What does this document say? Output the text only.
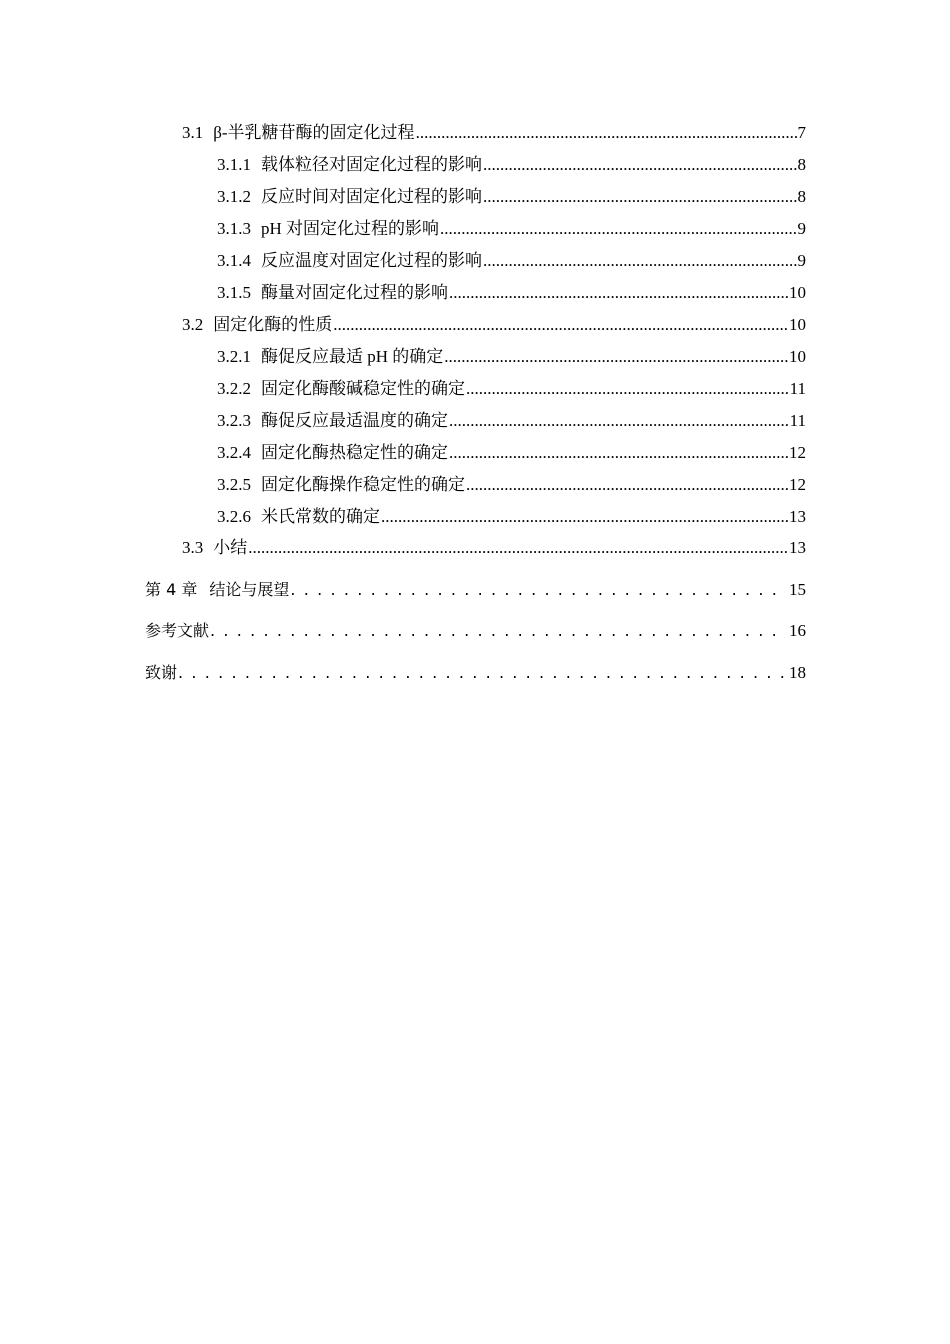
3.1 β-半乳糖苷酶的固定化过程 .....	7
3.1.1 载体粒径对固定化过程的影响 .....	8
3.1.2 反应时间对固定化过程的影响 .....	8
3.1.3 pH 对固定化过程的影响 .....	9
3.1.4 反应温度对固定化过程的影响 .....	9
3.1.5 酶量对固定化过程的影响 .....	10
3.2 固定化酶的性质 .....	10
3.2.1 酶促反应最适 pH 的确定 .....	10
3.2.2 固定化酶酸碱稳定性的确定 .....	11
3.2.3 酶促反应最适温度的确定 .....	11
3.2.4 固定化酶热稳定性的确定 .....	12
3.2.5 固定化酶操作稳定性的确定 .....	12
3.2.6 米氏常数的确定 .....	13
3.3 小结 .....	13
第 4 章 结论与展望 . . .	15
参考文献 . . .	16
致谢 . . .	18
